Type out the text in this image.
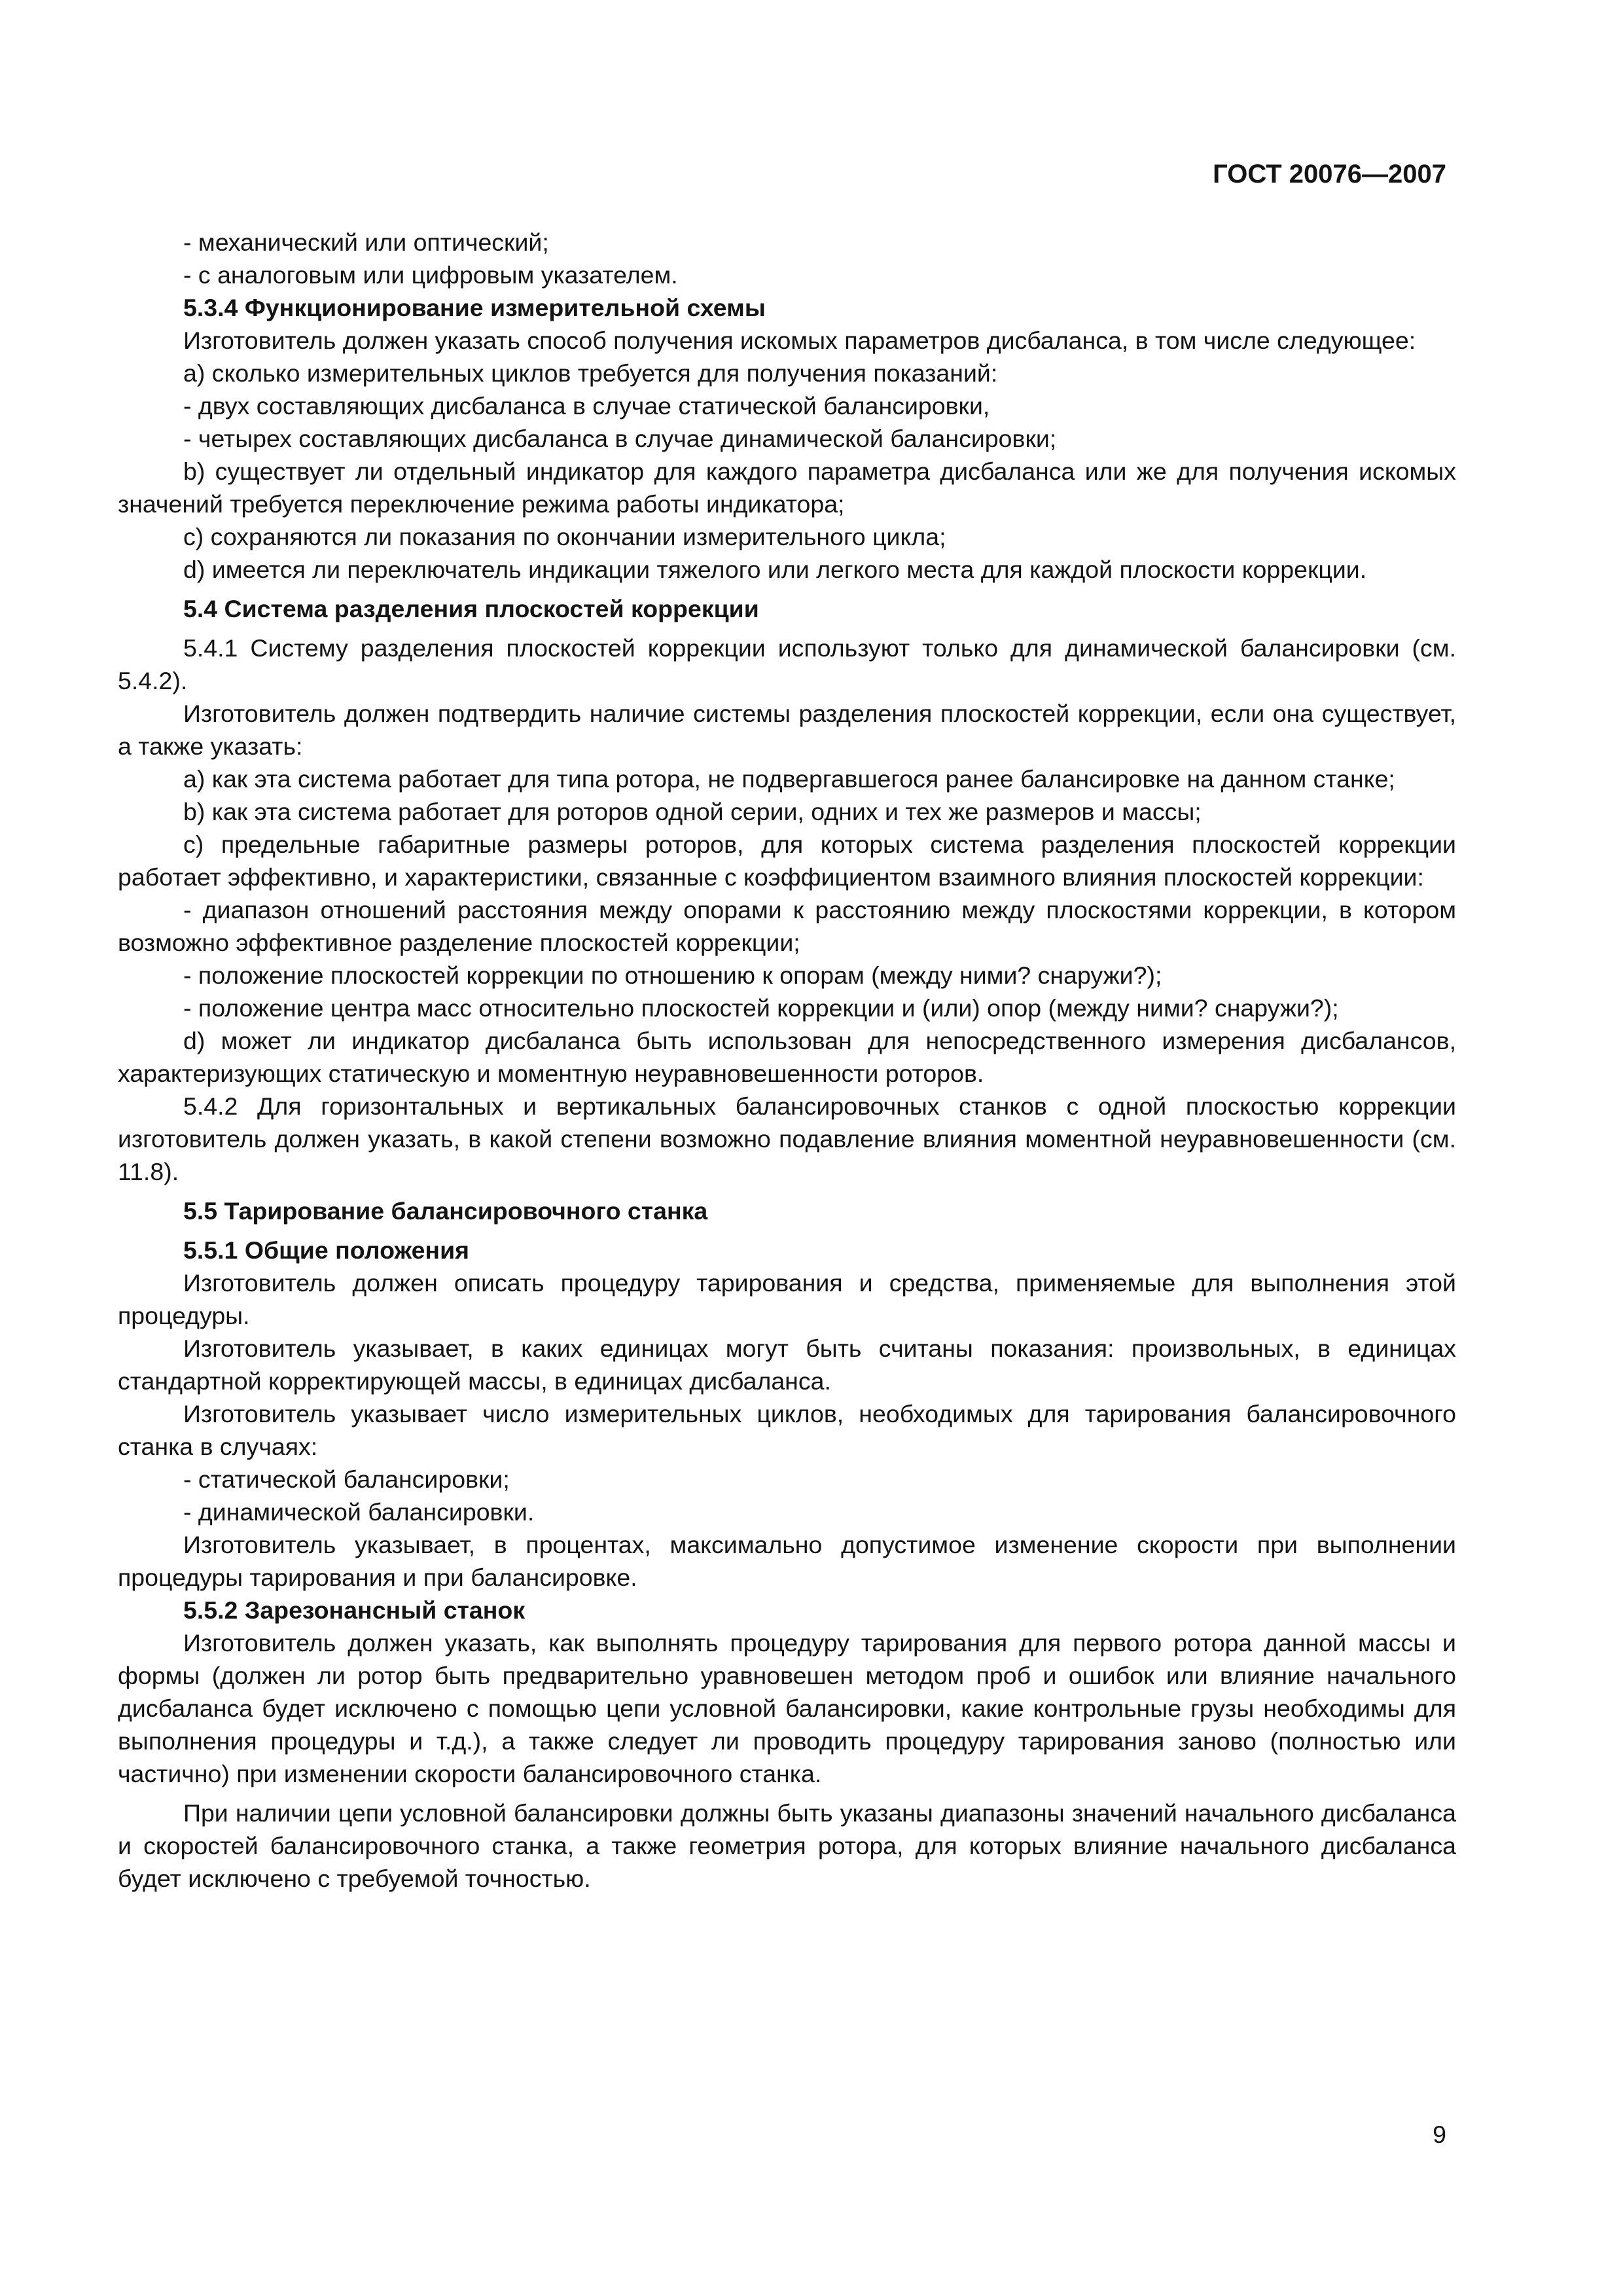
ГОСТ 20076—2007
- механический или оптический;
- с аналоговым или цифровым указателем.
5.3.4 Функционирование измерительной схемы
Изготовитель должен указать способ получения искомых параметров дисбаланса, в том числе следующее:
a) сколько измерительных циклов требуется для получения показаний:
- двух составляющих дисбаланса в случае статической балансировки,
- четырех составляющих дисбаланса в случае динамической балансировки;
b) существует ли отдельный индикатор для каждого параметра дисбаланса или же для получения искомых значений требуется переключение режима работы индикатора;
c) сохраняются ли показания по окончании измерительного цикла;
d) имеется ли переключатель индикации тяжелого или легкого места для каждой плоскости коррекции.
5.4 Система разделения плоскостей коррекции
5.4.1 Систему разделения плоскостей коррекции используют только для динамической балансировки (см. 5.4.2).
Изготовитель должен подтвердить наличие системы разделения плоскостей коррекции, если она существует, а также указать:
a) как эта система работает для типа ротора, не подвергавшегося ранее балансировке на данном станке;
b) как эта система работает для роторов одной серии, одних и тех же размеров и массы;
c) предельные габаритные размеры роторов, для которых система разделения плоскостей коррекции работает эффективно, и характеристики, связанные с коэффициентом взаимного влияния плоскостей коррекции:
- диапазон отношений расстояния между опорами к расстоянию между плоскостями коррекции, в котором возможно эффективное разделение плоскостей коррекции;
- положение плоскостей коррекции по отношению к опорам (между ними? снаружи?);
- положение центра масс относительно плоскостей коррекции и (или) опор (между ними? снаружи?);
d) может ли индикатор дисбаланса быть использован для непосредственного измерения дисбалансов, характеризующих статическую и моментную неуравновешенности роторов.
5.4.2 Для горизонтальных и вертикальных балансировочных станков с одной плоскостью коррекции изготовитель должен указать, в какой степени возможно подавление влияния моментной неуравновешенности (см. 11.8).
5.5 Тарирование балансировочного станка
5.5.1 Общие положения
Изготовитель должен описать процедуру тарирования и средства, применяемые для выполнения этой процедуры.
Изготовитель указывает, в каких единицах могут быть считаны показания: произвольных, в единицах стандартной корректирующей массы, в единицах дисбаланса.
Изготовитель указывает число измерительных циклов, необходимых для тарирования балансировочного станка в случаях:
- статической балансировки;
- динамической балансировки.
Изготовитель указывает, в процентах, максимально допустимое изменение скорости при выполнении процедуры тарирования и при балансировке.
5.5.2 Зарезонансный станок
Изготовитель должен указать, как выполнять процедуру тарирования для первого ротора данной массы и формы (должен ли ротор быть предварительно уравновешен методом проб и ошибок или влияние начального дисбаланса будет исключено с помощью цепи условной балансировки, какие контрольные грузы необходимы для выполнения процедуры и т.д.), а также следует ли проводить процедуру тарирования заново (полностью или частично) при изменении скорости балансировочного станка.
При наличии цепи условной балансировки должны быть указаны диапазоны значений начального дисбаланса и скоростей балансировочного станка, а также геометрия ротора, для которых влияние начального дисбаланса будет исключено с требуемой точностью.
9
